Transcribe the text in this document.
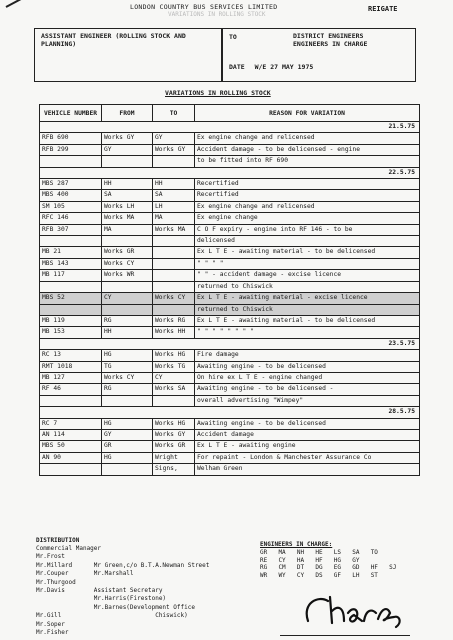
LONDON COUNTRY BUS SERVICES LIMITED	REIGATE
VARIATIONS IN ROLLING STOCK
ASSISTANT ENGINEER (ROLLING STOCK AND PLANNING)
TO	DISTRICT ENGINEERS
ENGINEERS IN CHARGE
DATE W/E 27 MAY 1975
VARIATIONS IN ROLLING STOCK
VEHICLE NUMBER	FROM	TO	REASON FOR VARIATION
21.5.75			
RFB 690	Works GY	GY	Ex engine change and relicensed
RFB 299	GY	Works GY	Accident damage - to be delicensed - engine
			to be fitted into RF 690
22.5.75			
MBS 287	HH	HH	Recertified
MBS 400	SA	SA	Recertified
SM 105	Works LH	LH	Ex engine change and relicensed
RFC 146	Works MA	MA	Ex engine change
RFB 307	MA	Works MA	C O F expiry - engine into RF 146 - to be
			delicensed
MB 21	Works GR		Ex L T E - awaiting material - to be delicensed
MBS 143	Works CY		" " " "
MB 117	Works WR		" " - accident damage - excise licence
			returned to Chiswick
MBS 52	CY	Works CY	Ex L T E - awaiting material - excise licence
			returned to Chiswick
MB 119	RG	Works RG	Ex L T E - awaiting material - to be delicensed
MB 153	HH	Works HH	" " " " " " " "
23.5.75			
RC 13	HG	Works HG	Fire damage
RMT 1018	TG	Works TG	Awaiting engine - to be delicensed
MB 127	Works CY	CY	On hire ex L T E - engine changed
RF 46	RG	Works SA	Awaiting engine - to be delicensed -
			overall advertising "Wimpey"
28.5.75			
RC 7	HG	Works HG	Awaiting engine - to be delicensed
AN 114	GY	Works GY	Accident damage
MBS 50	GR	Works GR	Ex L T E - awaiting engine
AN 90	HG	Wright	For repaint - London & Manchester Assurance Co
		Signs,	Welham Green
DISTRIBUTION
Commercial Manager
Mr.Frost
Mr.Millard      Mr Green,c/o B.T.A.Newman Street
Mr.Couper       Mr.Marshall
Mr.Thurgood
Mr.Davis        Assistant Secretary
Mr.Harris(Firestone)
Mr.Barnes(Development Office
Mr.Gill                          Chiswick)
Mr.Soper
Mr.Fisher
ENGINEERS IN CHARGE:
GR  MA  NH  HE  LS  SA  TO
RE  CY  HA  HF  HG  GY
RG  CM  DT  DG  EG  GD  HF  SJ
WR  WY  CY  DS  GF  LH  ST
